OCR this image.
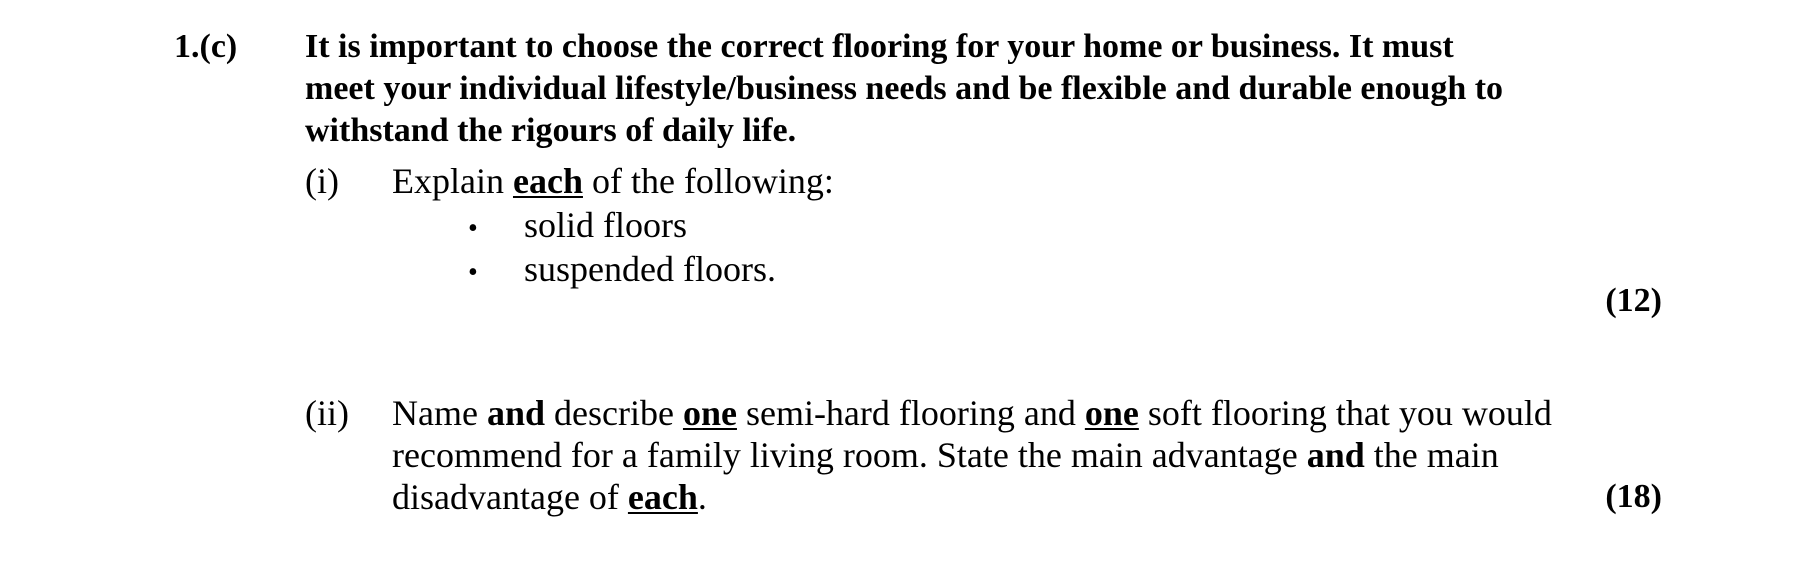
1.(c) It is important to choose the correct flooring for your home or business. It must
meet your individual lifestyle/business needs and be flexible and durable enough to
withstand the rigours of daily life.

(i) Explain each of the following:
• solid floors
• suspended floors.
(12)
(ii) Name and describe one semi-hard flooring and one soft flooring that you would
recommend for a family living room. State the main advantage and the main
disadvantage of each.	(18)
